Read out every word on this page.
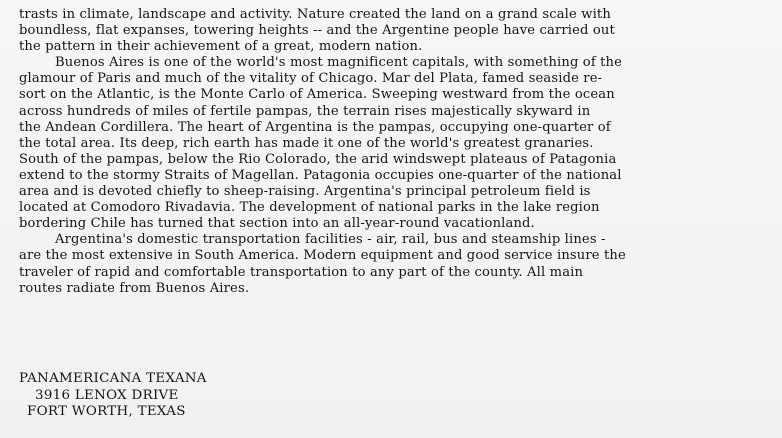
trasts in climate, landscape and activity. Nature created the land on a grand scale with
boundless, flat expanses, towering heights -- and the Argentine people have carried out
the pattern in their achievement of a great, modern nation.
Buenos Aires is one of the world's most magnificent capitals, with something of the
glamour of Paris and much of the vitality of Chicago. Mar del Plata, famed seaside re-
sort on the Atlantic, is the Monte Carlo of America. Sweeping westward from the ocean
across hundreds of miles of fertile pampas, the terrain rises majestically skyward in
the Andean Cordillera. The heart of Argentina is the pampas, occupying one-quarter of
the total area. Its deep, rich earth has made it one of the world's greatest granaries.
South of the pampas, below the Rio Colorado, the arid windswept plateaus of Patagonia
extend to the stormy Straits of Magellan. Patagonia occupies one-quarter of the national
area and is devoted chiefly to sheep-raising. Argentina's principal petroleum field is
located at Comodoro Rivadavia. The development of national parks in the lake region
bordering Chile has turned that section into an all-year-round vacationland.
Argentina's domestic transportation facilities - air, rail, bus and steamship lines -
are the most extensive in South America. Modern equipment and good service insure the
traveler of rapid and comfortable transportation to any part of the county. All main
routes radiate from Buenos Aires.
PANAMERICANA TEXANA
3916 LENOX DRIVE
FORT WORTH, TEXAS
